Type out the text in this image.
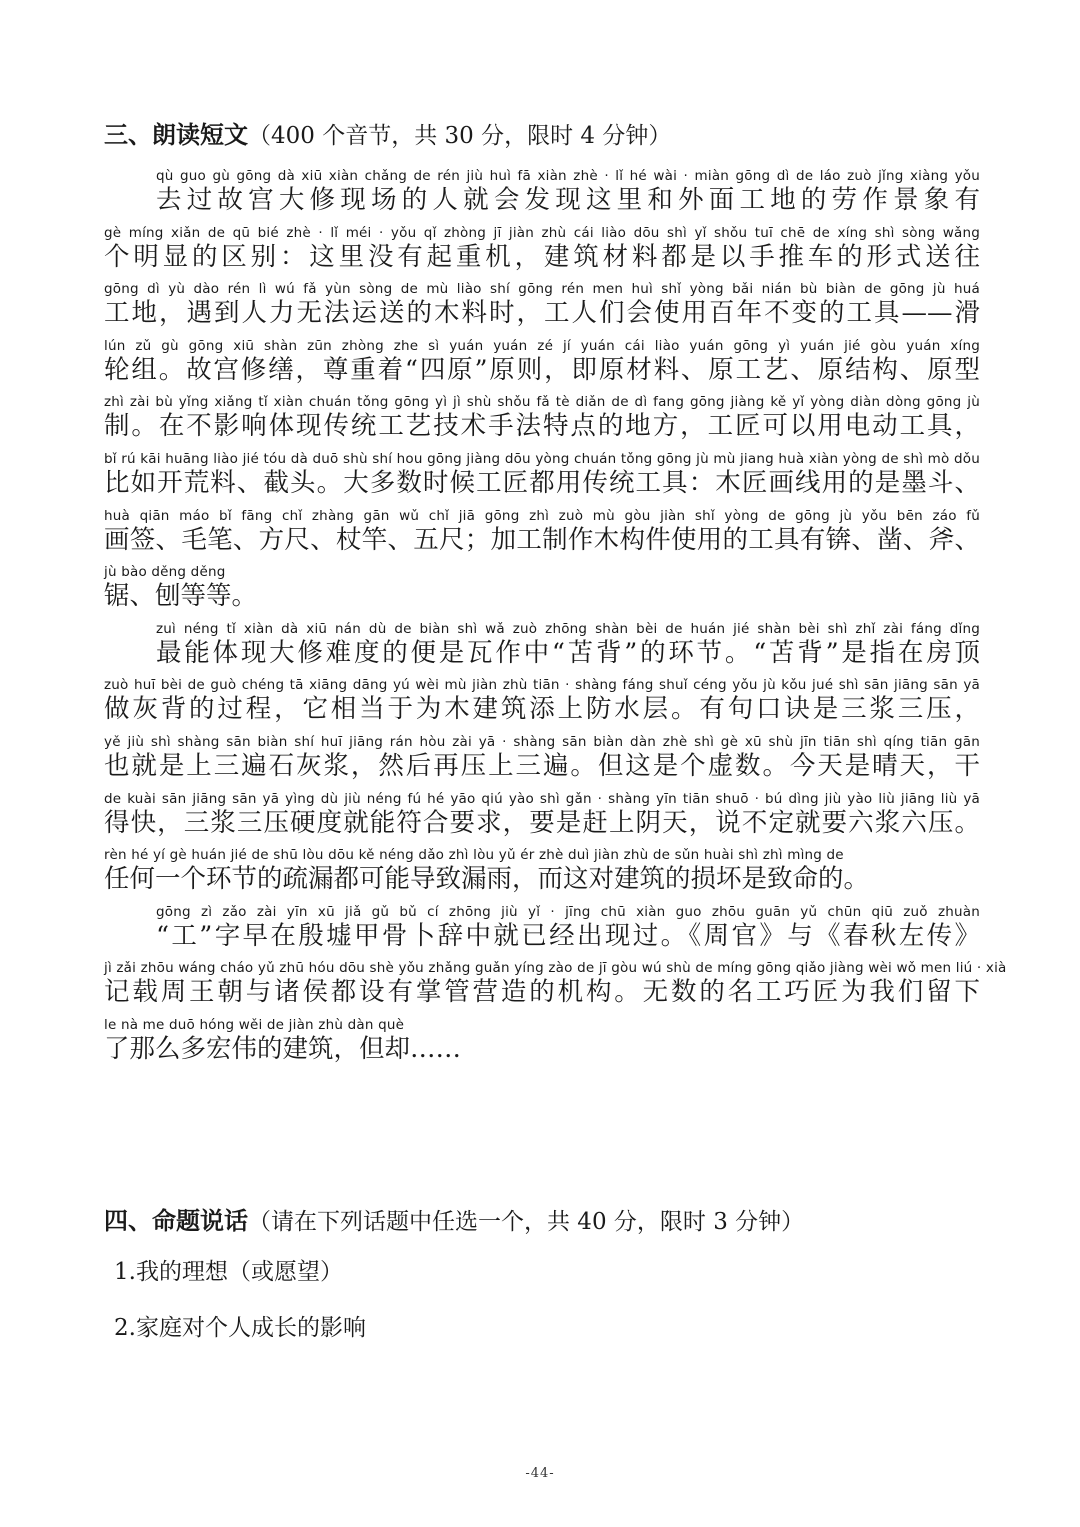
三、朗读短文（400 个音节，共 30 分，限时 4 分钟）
qù guo gù gōng dà xiū xiàn chǎng de rén jiù huì fā xiàn zhè · lǐ hé wài · miàn gōng dì de láo zuò jǐng xiàng yǒu
去过故宫大修现场的人就会发现这里和外面工地的劳作景象有
gè míng xiǎn de qū bié zhè · lǐ méi · yǒu qǐ zhòng jī jiàn zhù cái liào dōu shì yǐ shǒu tuī chē de xíng shì sòng wǎng
个明显的区别：这里没有起重机，建筑材料都是以手推车的形式送往
gōng dì yù dào rén lì wú fǎ yùn sòng de mù liào shí gōng rén men huì shǐ yòng bǎi nián bù biàn de gōng jù huá
工地，遇到人力无法运送的木料时，工人们会使用百年不变的工具——滑
lún zǔ gù gōng xiū shàn zūn zhòng zhe sì yuán yuán zé jí yuán cái liào yuán gōng yì yuán jié gòu yuán xíng
轮组。故宫修缮，尊重着“四原”原则，即原材料、原工艺、原结构、原型
zhì zài bù yǐng xiǎng tǐ xiàn chuán tǒng gōng yì jì shù shǒu fǎ tè diǎn de dì fang gōng jiàng kě yǐ yòng diàn dòng gōng jù
制。在不影响体现传统工艺技术手法特点的地方，工匠可以用电动工具，
bǐ rú kāi huāng liào jié tóu dà duō shù shí hou gōng jiàng dōu yòng chuán tǒng gōng jù mù jiang huà xiàn yòng de shì mò dǒu
比如开荒料、截头。大多数时候工匠都用传统工具：木匠画线用的是墨斗、
huà qiān máo bǐ fāng chǐ zhàng gān wǔ chǐ jiā gōng zhì zuò mù gòu jiàn shǐ yòng de gōng jù yǒu bēn záo fǔ
画签、毛笔、方尺、杖竿、五尺；加工制作木构件使用的工具有锛、凿、斧、
jù bào děng děng
锯、刨等等。
zuì néng tǐ xiàn dà xiū nán dù de biàn shì wǎ zuò zhōng shàn bèi de huán jié shàn bèi shì zhǐ zài fáng dǐng
最能体现大修难度的便是瓦作中“苫背”的环节。“苫背”是指在房顶
zuò huī bèi de guò chéng tā xiāng dāng yú wèi mù jiàn zhù tiān · shàng fáng shuǐ céng yǒu jù kǒu jué shì sān jiāng sān yā
做灰背的过程，它相当于为木建筑添上防水层。有句口诀是三浆三压，
yě jiù shì shàng sān biàn shí huī jiāng rán hòu zài yā · shàng sān biàn dàn zhè shì gè xū shù jīn tiān shì qíng tiān gān
也就是上三遍石灰浆，然后再压上三遍。但这是个虚数。今天是晴天，干
de kuài sān jiāng sān yā yìng dù jiù néng fú hé yāo qiú yào shì gǎn · shàng yīn tiān shuō · bú dìng jiù yào liù jiāng liù yā
得快，三浆三压硬度就能符合要求，要是赶上阴天，说不定就要六浆六压。
rèn hé yí gè huán jié de shū lòu dōu kě néng dǎo zhì lòu yǔ ér zhè duì jiàn zhù de sǔn huài shì zhì mìng de
任何一个环节的疏漏都可能导致漏雨，而这对建筑的损坏是致命的。
gōng zì zǎo zài yīn xū jiǎ gǔ bǔ cí zhōng jiù yǐ · jīng chū xiàn guo zhōu guān yǔ chūn qiū zuǒ zhuàn
“工”字早在殷墟甲骨卜辞中就已经出现过。《周官》与《春秋左传》
jì zǎi zhōu wáng cháo yǔ zhū hóu dōu shè yǒu zhǎng guǎn yíng zào de jī gòu wú shù de míng gōng qiǎo jiàng wèi wǒ men liú · xià
记载周王朝与诸侯都设有掌管营造的机构。无数的名工巧匠为我们留下
le nà me duō hóng wěi de jiàn zhù dàn què
了那么多宏伟的建筑，但却……
四、命题说话（请在下列话题中任选一个，共 40 分，限时 3 分钟）
1.我的理想（或愿望）
2.家庭对个人成长的影响
-44-
